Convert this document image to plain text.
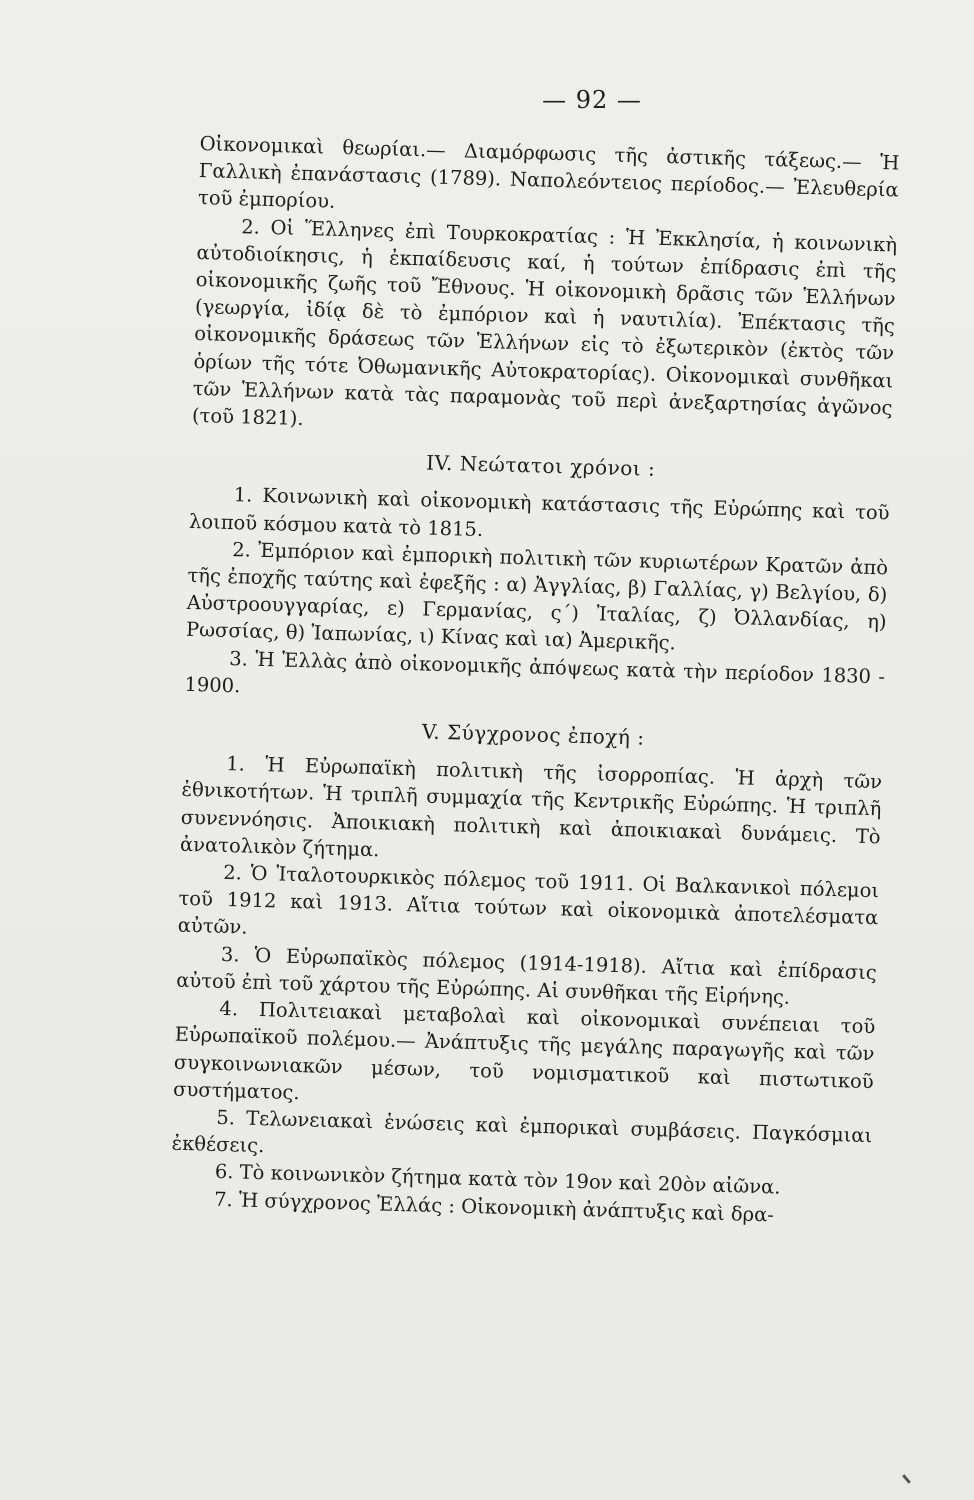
— 92 —

Οἰκονομικαὶ θεωρίαι.— Διαμόρφωσις τῆς ἀστικῆς τάξεως.— Ἡ Γαλλικὴ ἐπανάστασις (1789). Ναπολεόντειος περίοδος.— Ἐλευθερία τοῦ ἐμπορίου.

2. Οἱ Ἕλληνες ἐπὶ Τουρκοκρατίας : Ἡ Ἐκκλησία, ἡ κοινωνικὴ αὐτοδιοίκησις, ἡ ἐκπαίδευσις καί, ἡ τούτων ἐπίδρασις ἐπὶ τῆς οἰκονομικῆς ζωῆς τοῦ Ἔθνους. Ἡ οἰκονομικὴ δρᾶσις τῶν Ἑλλήνων (γεωργία, ἰδίᾳ δὲ τὸ ἐμπόριον καὶ ἡ ναυτιλία). Ἐπέκτασις τῆς οἰκονομικῆς δράσεως τῶν Ἑλλήνων εἰς τὸ ἐξωτερικὸν (ἐκτὸς τῶν ὁρίων τῆς τότε Ὀθωμανικῆς Αὐτοκρατορίας). Οἰκονομικαὶ συνθῆκαι τῶν Ἑλλήνων κατὰ τὰς παραμονὰς τοῦ περὶ ἀνεξαρτησίας ἀγῶνος (τοῦ 1821).

IV. Νεώτατοι χρόνοι :

1. Κοινωνικὴ καὶ οἰκονομικὴ κατάστασις τῆς Εὐρώπης καὶ τοῦ λοιποῦ κόσμου κατὰ τὸ 1815.

2. Ἐμπόριον καὶ ἐμπορικὴ πολιτικὴ τῶν κυριωτέρων Κρατῶν ἀπὸ τῆς ἐποχῆς ταύτης καὶ ἐφεξῆς : α) Ἀγγλίας, β) Γαλλίας, γ) Βελγίου, δ) Αὐστροουγγαρίας, ε) Γερμανίας, ς΄) Ἰταλίας, ζ) Ὀλλανδίας, η) Ρωσσίας, θ) Ἰαπωνίας, ι) Κίνας καὶ ια) Ἀμερικῆς.

3. Ἡ Ἑλλὰς ἀπὸ οἰκονομικῆς ἀπόψεως κατὰ τὴν περίοδον 1830 - 1900.

V. Σύγχρονος ἐποχή :

1. Ἡ Εὐρωπαϊκὴ πολιτικὴ τῆς ἰσορροπίας. Ἡ ἀρχὴ τῶν ἐθνικοτήτων. Ἡ τριπλῆ συμμαχία τῆς Κεντρικῆς Εὐρώπης. Ἡ τριπλῆ συνεννόησις. Ἀποικιακὴ πολιτικὴ καὶ ἀποικιακαὶ δυνάμεις. Τὸ ἀνατολικὸν ζήτημα.

2. Ὁ Ἰταλοτουρκικὸς πόλεμος τοῦ 1911. Οἱ Βαλκανικοὶ πόλεμοι τοῦ 1912 καὶ 1913. Αἴτια τούτων καὶ οἰκονομικὰ ἀποτελέσματα αὐτῶν.

3. Ὁ Εὐρωπαϊκὸς πόλεμος (1914-1918). Αἴτια καὶ ἐπίδρασις αὐτοῦ ἐπὶ τοῦ χάρτου τῆς Εὐρώπης. Αἱ συνθῆκαι τῆς Εἰρήνης.

4. Πολιτειακαὶ μεταβολαὶ καὶ οἰκονομικαὶ συνέπειαι τοῦ Εὐρωπαϊκοῦ πολέμου.— Ἀνάπτυξις τῆς μεγάλης παραγωγῆς καὶ τῶν συγκοινωνιακῶν μέσων, τοῦ νομισματικοῦ καὶ πιστωτικοῦ συστήματος.

5. Τελωνειακαὶ ἑνώσεις καὶ ἐμπορικαὶ συμβάσεις. Παγκόσμιαι ἐκθέσεις.

6. Τὸ κοινωνικὸν ζήτημα κατὰ τὸν 19ον καὶ 20ὸν αἰῶνα.

7. Ἡ σύγχρονος Ἑλλάς : Οἰκονομικὴ ἀνάπτυξις καὶ δρα-
